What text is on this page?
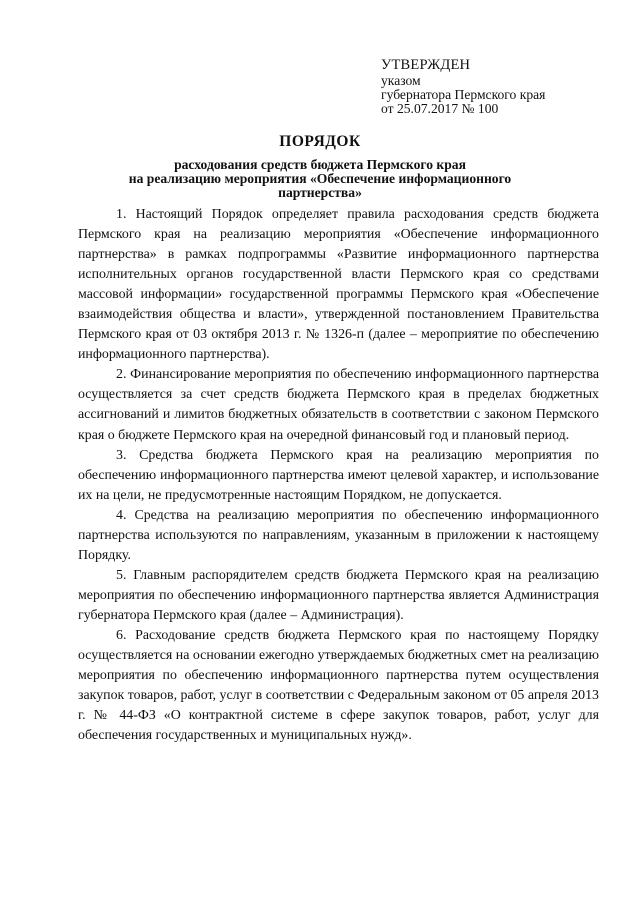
УТВЕРЖДЕН
указом
губернатора Пермского края
от 25.07.2017 № 100
ПОРЯДОК
расходования средств бюджета Пермского края
на реализацию мероприятия «Обеспечение информационного
партнерства»

1. Настоящий Порядок определяет правила расходования средств бюджета Пермского края на реализацию мероприятия «Обеспечение информационного партнерства» в рамках подпрограммы «Развитие информационного партнерства исполнительных органов государственной власти Пермского края со средствами массовой информации» государственной программы Пермского края «Обеспечение взаимодействия общества и власти», утвержденной постановлением Правительства Пермского края от 03 октября 2013 г. № 1326-п (далее – мероприятие по обеспечению информационного партнерства).

2. Финансирование мероприятия по обеспечению информационного партнерства осуществляется за счет средств бюджета Пермского края в пределах бюджетных ассигнований и лимитов бюджетных обязательств в соответствии с законом Пермского края о бюджете Пермского края на очередной финансовый год и плановый период.

3. Средства бюджета Пермского края на реализацию мероприятия по обеспечению информационного партнерства имеют целевой характер, и использование их на цели, не предусмотренные настоящим Порядком, не допускается.

4. Средства на реализацию мероприятия по обеспечению информационного партнерства используются по направлениям, указанным в приложении к настоящему Порядку.

5. Главным распорядителем средств бюджета Пермского края на реализацию мероприятия по обеспечению информационного партнерства является Администрация губернатора Пермского края (далее – Администрация).

6. Расходование средств бюджета Пермского края по настоящему Порядку осуществляется на основании ежегодно утверждаемых бюджетных смет на реализацию мероприятия по обеспечению информационного партнерства путем осуществления закупок товаров, работ, услуг в соответствии с Федеральным законом от 05 апреля 2013 г. № 44-ФЗ «О контрактной системе в сфере закупок товаров, работ, услуг для обеспечения государственных и муниципальных нужд».
